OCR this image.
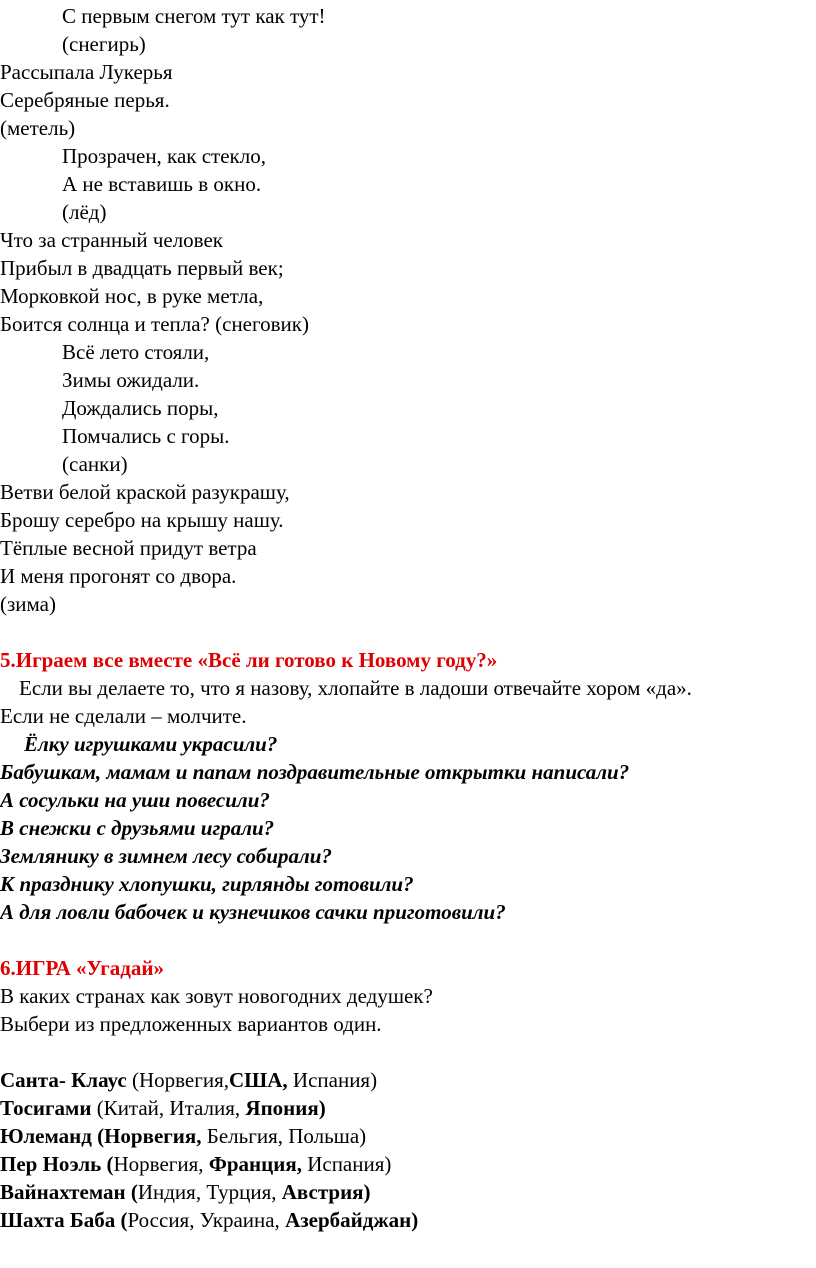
С первым снегом тут как тут!
(снегирь)
Рассыпала Лукерья
Серебряные перья.
(метель)
Прозрачен, как стекло,
А не вставишь в окно.
(лёд)
Что за странный человек
Прибыл в двадцать первый век;
Морковкой нос, в руке метла,
Боится солнца и тепла? (снеговик)
Всё лето стояли,
Зимы ожидали.
Дождались поры,
Помчались с горы.
(санки)
Ветви белой краской разукрашу,
Брошу серебро на крышу нашу.
Тёплые весной придут ветра
И меня прогонят со двора.
(зима)
5.Играем все вместе «Всё ли готово к Новому году?»
Если вы делаете то, что я назову, хлопайте в ладоши отвечайте хором «да».
Если не сделали – молчите.
Ёлку игрушками украсили?
Бабушкам, мамам и папам поздравительные открытки написали?
А сосульки на уши повесили?
В снежки с друзьями играли?
Землянику в зимнем лесу собирали?
К празднику хлопушки, гирлянды готовили?
А для ловли бабочек и кузнечиков сачки приготовили?
6.ИГРА «Угадай»
В каких странах как зовут новогодних дедушек?
Выбери из предложенных вариантов один.
Санта- Клаус (Норвегия,США, Испания)
Тосигами (Китай, Италия, Япония)
Юлеманд (Норвегия, Бельгия, Польша)
Пер Ноэль (Норвегия, Франция, Испания)
Вайнахтеман (Индия, Турция, Австрия)
Шахта Баба (Россия, Украина, Азербайджан)
